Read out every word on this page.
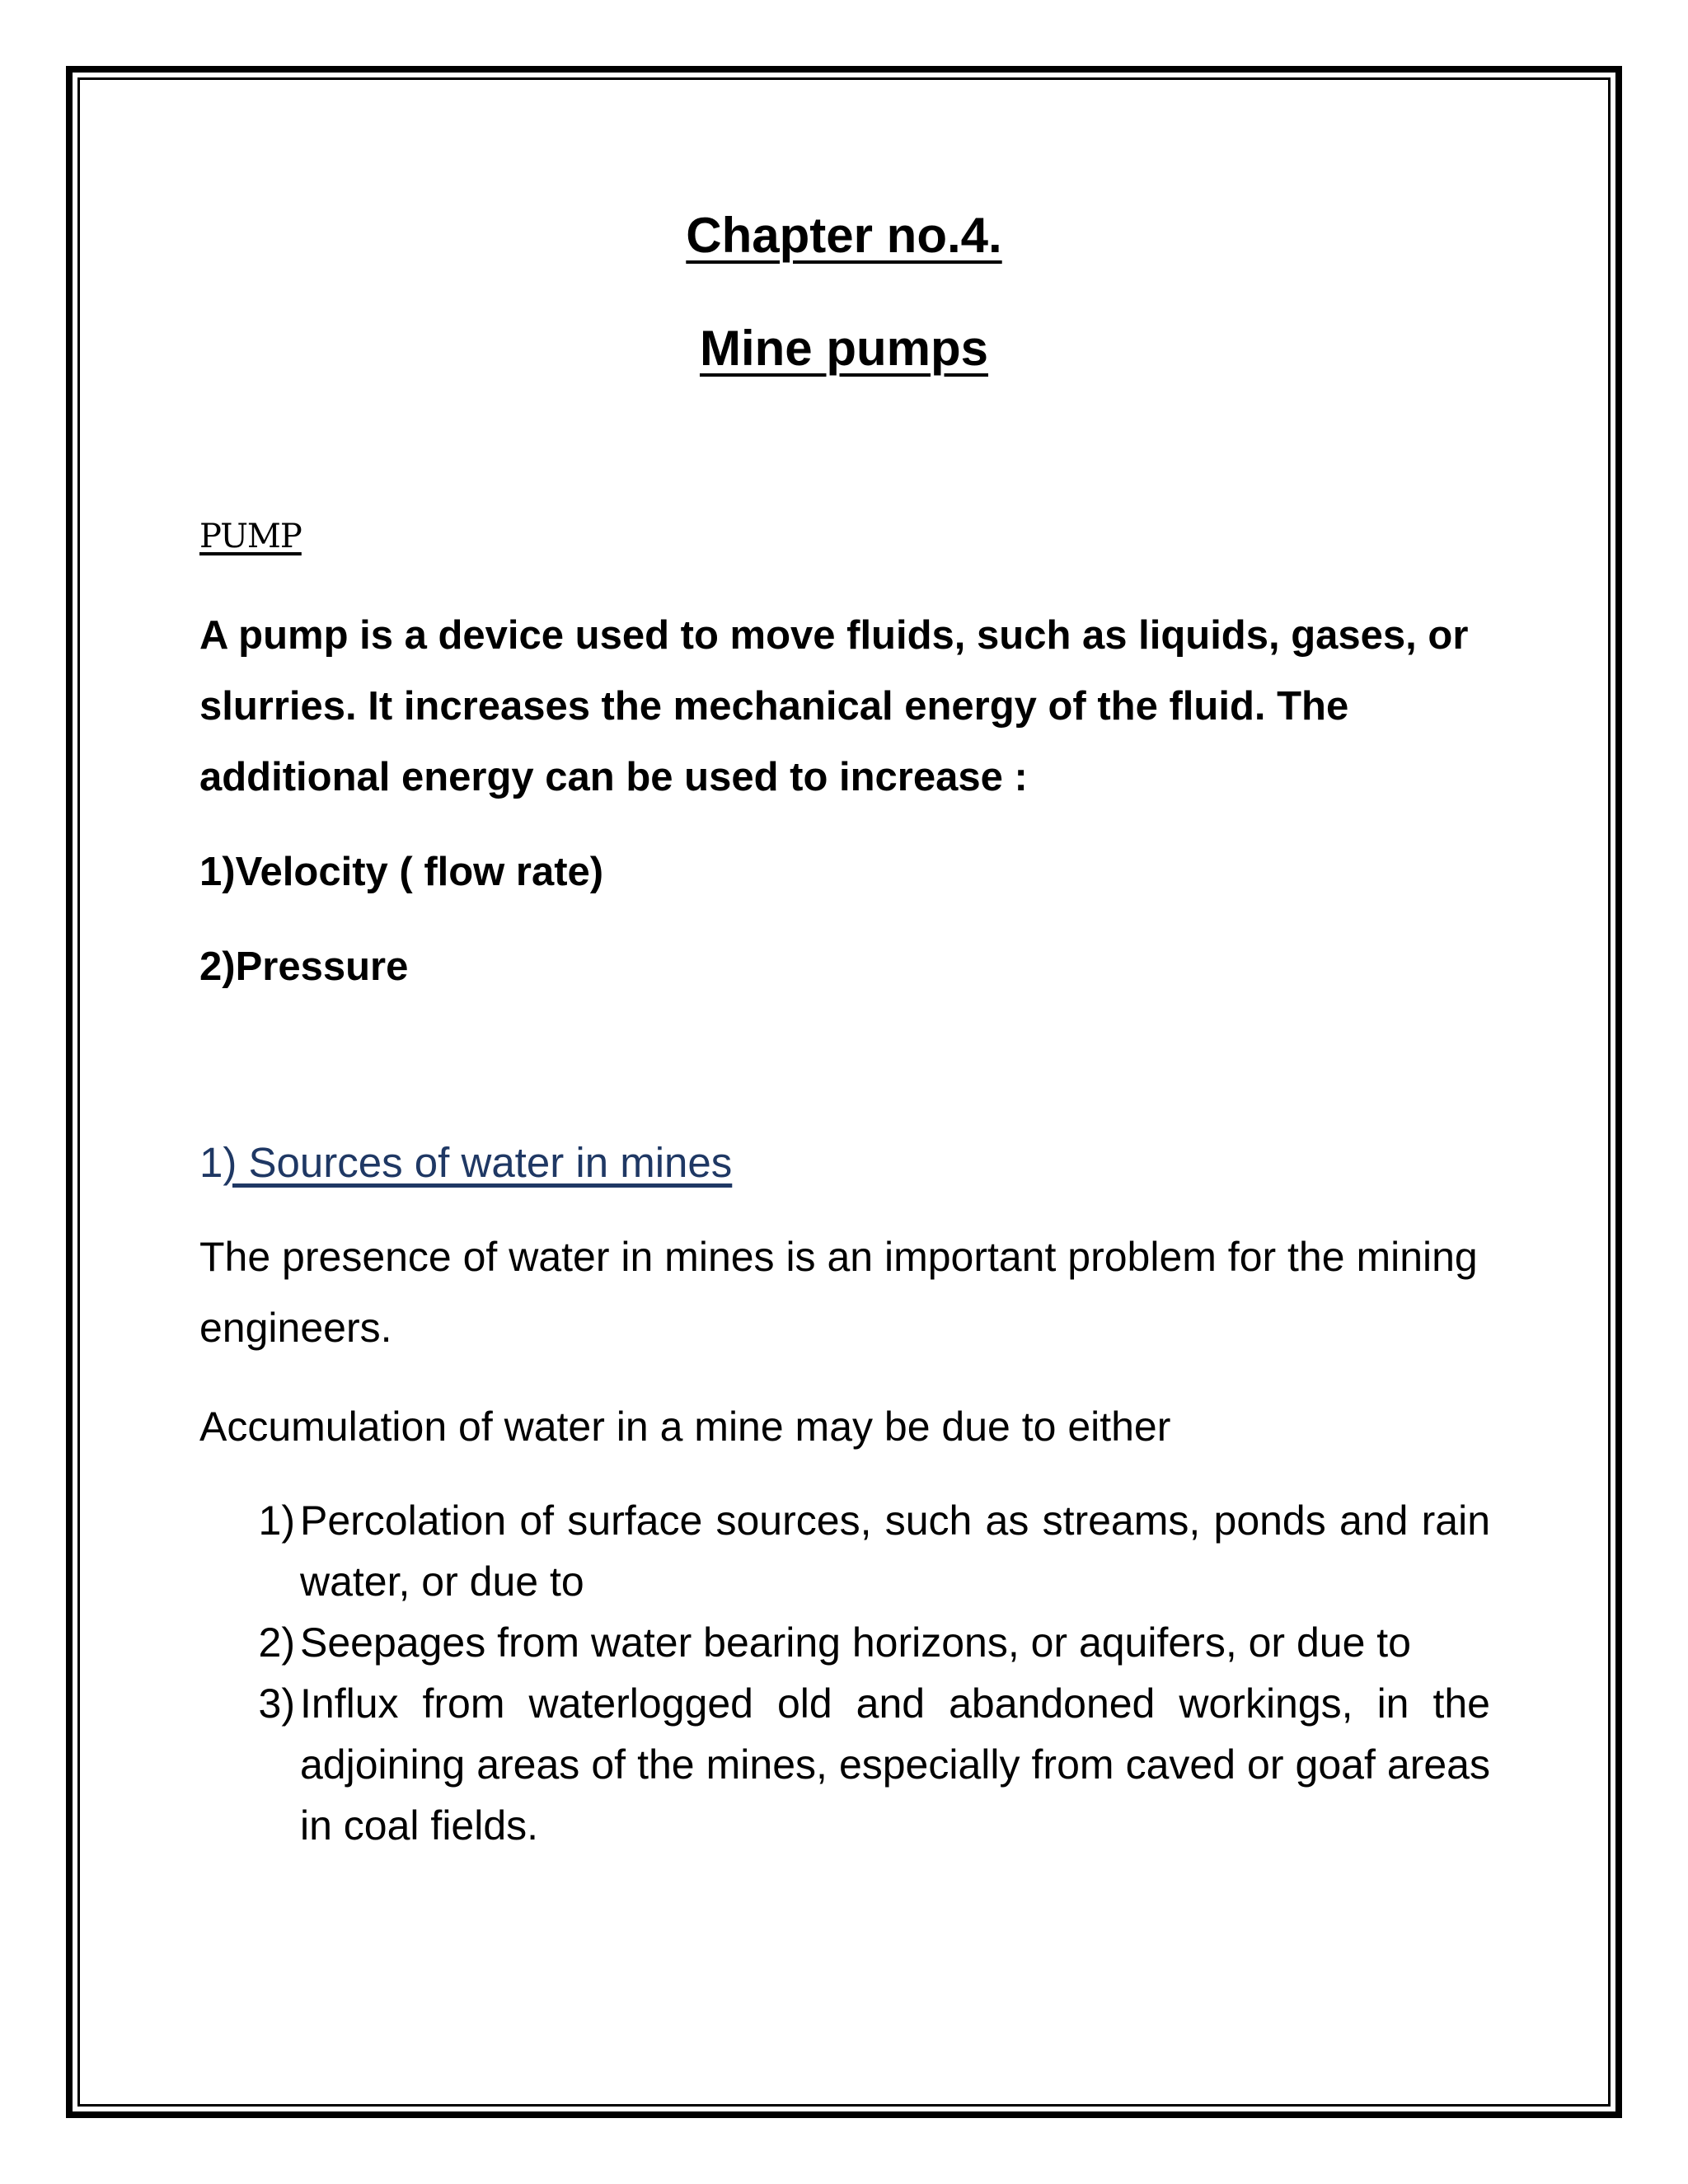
Chapter no.4.
Mine pumps
PUMP

A pump is a device used to move fluids, such as liquids, gases, or slurries. It increases the mechanical energy of the fluid. The additional energy can be used to increase :

1)Velocity ( flow rate)
2)Pressure
1) Sources of water in mines

The presence of water in mines is an important problem for the mining engineers.

Accumulation of water in a mine may be due to either

1) Percolation of surface sources, such as streams, ponds and rain water, or due to
2) Seepages from water bearing horizons, or aquifers, or due to
3) Influx from waterlogged old and abandoned workings, in the adjoining areas of the mines, especially from caved or goaf areas in coal fields.
